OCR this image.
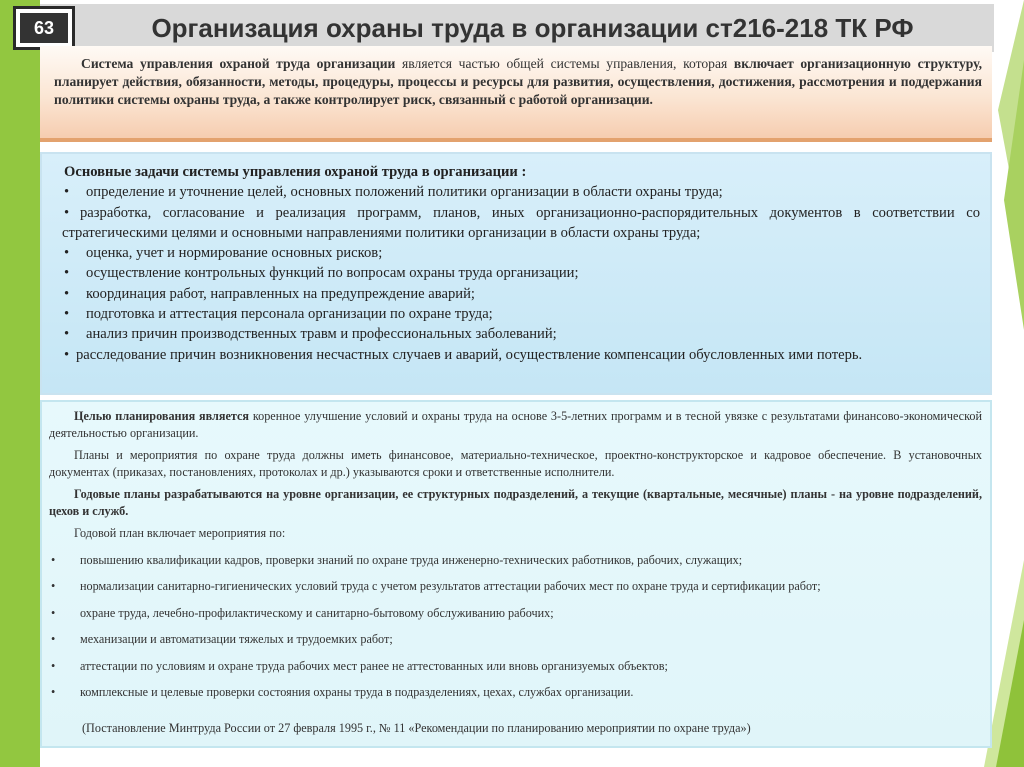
63	Организация охраны труда в организации ст216-218 ТК РФ
Система управления охраной труда организации является частью общей системы управления, которая включает организационную структуру, планирует действия, обязанности, методы, процедуры, процессы и ресурсы для развития, осуществления, достижения, рассмотрения и поддержания политики системы охраны труда, а также контролирует риск, связанный с работой организации.
Основные задачи системы управления охраной труда в организации :
• определение и уточнение целей, основных положений политики организации в области охраны труда;
• разработка, согласование и реализация программ, планов, иных организационно-распорядительных документов в соответствии со стратегическими целями и основными направлениями политики организации в области охраны труда;
• оценка, учет и нормирование основных рисков;
• осуществление контрольных функций по вопросам охраны труда организации;
• координация работ, направленных на предупреждение аварий;
• подготовка и аттестация персонала организации по охране труда;
• анализ причин производственных травм и профессиональных заболеваний;
• расследование причин возникновения несчастных случаев и аварий, осуществление компенсации обусловленных ими потерь.
Целью планирования является коренное улучшение условий и охраны труда на основе 3-5-летних программ и в тесной увязке с результатами финансово-экономической деятельностью организации.
Планы и мероприятия по охране труда должны иметь финансовое, материально-техническое, проектно-конструкторское и кадровое обеспечение. В установочных документах (приказах, постановлениях, протоколах и др.) указываются сроки и ответственные исполнители.
Годовые планы разрабатываются на уровне организации, ее структурных подразделений, а текущие (квартальные, месячные) планы - на уровне подразделений, цехов и служб.
Годовой план включает мероприятия по:
• повышению квалификации кадров, проверки знаний по охране труда инженерно-технических работников, рабочих, служащих;
• нормализации санитарно-гигиенических условий труда с учетом результатов аттестации рабочих мест по охране труда и сертификации работ;
• охране труда, лечебно-профилактическому и санитарно-бытовому обслуживанию рабочих;
• механизации и автоматизации тяжелых и трудоемких работ;
• аттестации по условиям и охране труда рабочих мест ранее не аттестованных или вновь организуемых объектов;
• комплексные и целевые проверки состояния охраны труда в подразделениях, цехах, службах организации.
(Постановление Минтруда России от 27 февраля 1995 г., № 11 «Рекомендации по планированию мероприятии по охране труда»)
